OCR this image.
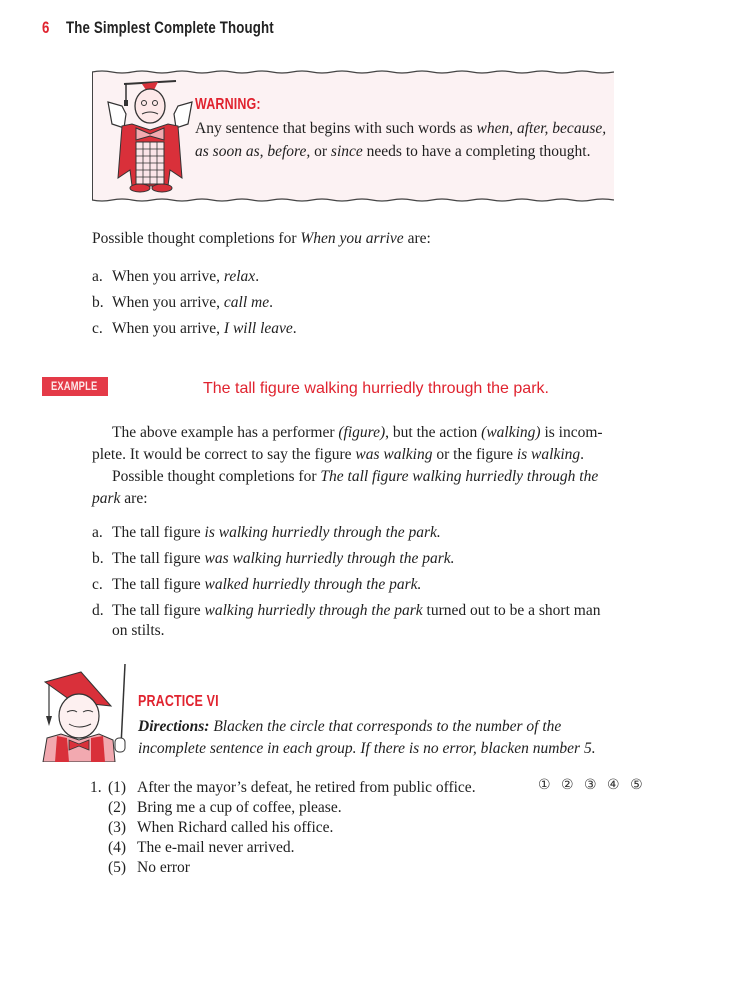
6 The Simplest Complete Thought
WARNING:
Any sentence that begins with such words as when, after, because, as soon as, before, or since needs to have a completing thought.
Possible thought completions for When you arrive are:
a. When you arrive, relax.
b. When you arrive, call me.
c. When you arrive, I will leave.
EXAMPLE	The tall figure walking hurriedly through the park.
The above example has a performer (figure), but the action (walking) is incom-
plete. It would be correct to say the figure was walking or the figure is walking.
Possible thought completions for The tall figure walking hurriedly through the
park are:
a. The tall figure is walking hurriedly through the park.
b. The tall figure was walking hurriedly through the park.
c. The tall figure walked hurriedly through the park.
d. The tall figure walking hurriedly through the park turned out to be a short man
on stilts.
PRACTICE VI
Directions: Blacken the circle that corresponds to the number of the
incomplete sentence in each group. If there is no error, blacken number 5.
1. (1) After the mayor’s defeat, he retired from public office.
(2) Bring me a cup of coffee, please.
(3) When Richard called his office.
(4) The e-mail never arrived.
(5) No error
① ② ③ ④ ⑤
